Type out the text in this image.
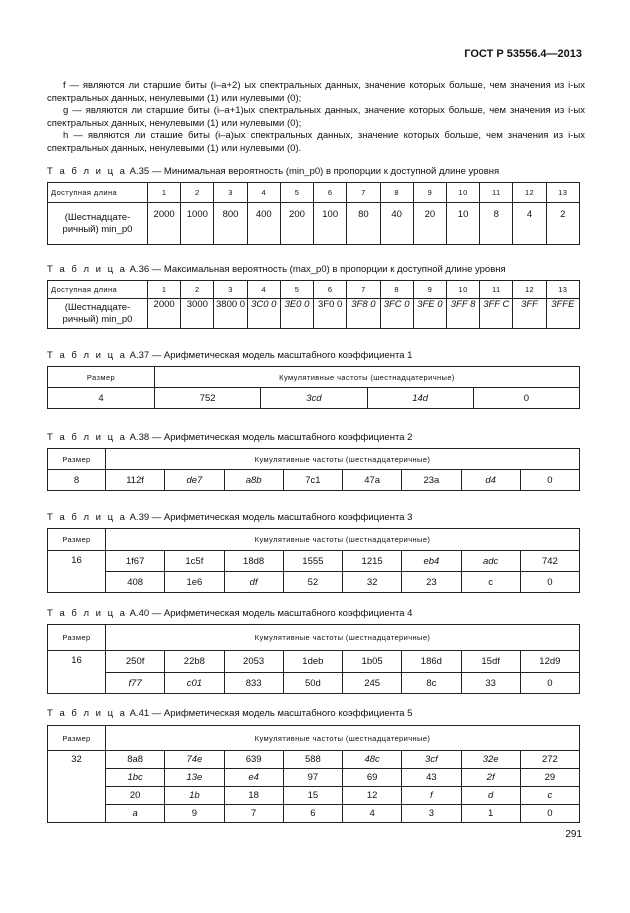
ГОСТ Р 53556.4—2013

f — являются ли старшие биты (i–a+2) ых спектральных данных, значение которых больше, чем значения из i-ых спектральных данных, ненулевыми (1) или нулевыми (0);

g — являются ли старшие биты (i–a+1)ых спектральных данных, значение которых больше, чем значения из i-ых спектральных данных, ненулевыми (1) или нулевыми (0);

h — являются ли сташие биты (i–a)ых спектральных данных, значение которых больше, чем значения из i-ых спектральных данных, ненулевыми (1) или нулевыми (0).

Т а б л и ц а А.35 — Минимальная вероятность (min_p0) в пропорции к доступной длине уровня
Доступная длина	1	2	3	4	5	6	7	8	9	10	11	12	13
(Шестнадцате-ричный) min_p0	2000	1000	800	400	200	100	80	40	20	10	8	4	2
Т а б л и ц а А.36 — Максимальная вероятность (max_p0) в пропорции к доступной длине уровня
Доступная длина	1	2	3	4	5	6	7	8	9	10	11	12	13
(Шестнадцате-ричный) min_p0	2000	3000	3800 0	3C0 0	3E0 0	3F0 0	3F8 0	3FC 0	3FE 0	3FF 8	3FF C	3FF	3FFE
Т а б л и ц а А.37 — Арифметическая модель масштабного коэффициента 1
Размер	Кумулятивные частоты (шестнадцатеричные)			
4	752	3cd	14d	0
Т а б л и ц а А.38 — Арифметическая модель масштабного коэффициента 2
Размер	Кумулятивные частоты (шестнадцатеричные)							
8	112f	de7	a8b	7c1	47a	23a	d4	0
Т а б л и ц а А.39 — Арифметическая модель масштабного коэффициента 3
Размер	Кумулятивные частоты (шестнадцатеричные)							
16	1f67	1c5f	18d8	1555	1215	eb4	adc	742
	408	1e6	df	52	32	23	c	0
Т а б л и ц а А.40 — Арифметическая модель масштабного коэффициента 4
Размер	Кумулятивные частоты (шестнадцатеричные)							
16	250f	22b8	2053	1deb	1b05	186d	15df	12d9
	f77	c01	833	50d	245	8c	33	0
Т а б л и ц а А.41 — Арифметическая модель масштабного коэффициента 5
Размер	Кумулятивные частоты (шестнадцатеричные)							
32	8a8	74e	639	588	48c	3cf	32e	272
	1bc	13e	e4	97	69	43	2f	29
	20	1b	18	15	12	f	d	c
	a	9	7	6	4	3	1	0
291
